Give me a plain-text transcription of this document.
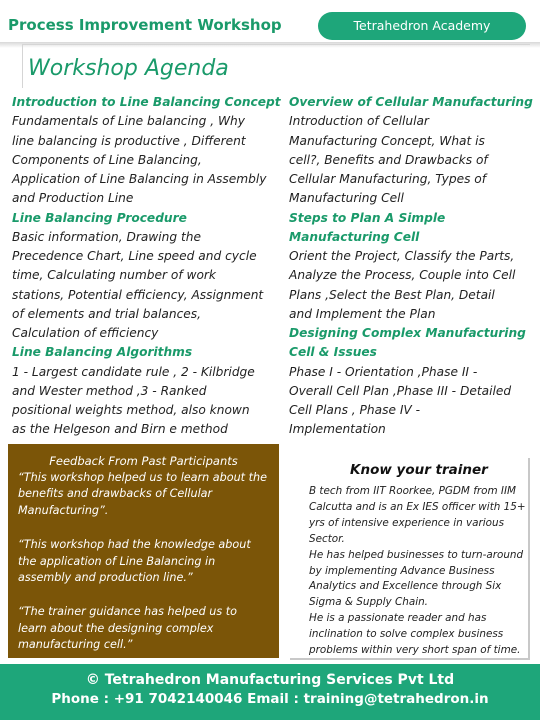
Process Improvement Workshop	Tetrahedron Academy
Workshop Agenda
Introduction to Line Balancing Concept
Fundamentals of Line balancing , Why
line balancing is productive , Different
Components of Line Balancing,
Application of Line Balancing in Assembly
and Production Line
Line Balancing Procedure
Basic information, Drawing the
Precedence Chart, Line speed and cycle
time, Calculating number of work
stations, Potential efficiency, Assignment
of elements and trial balances,
Calculation of efficiency
Line Balancing Algorithms
1 - Largest candidate rule , 2 - Kilbridge
and Wester method ,3 - Ranked
positional weights method, also known
as the Helgeson and Birn e method
Overview of Cellular Manufacturing
Introduction of Cellular
Manufacturing Concept, What is
cell?, Benefits and Drawbacks of
Cellular Manufacturing, Types of
Manufacturing Cell
Steps to Plan A Simple
Manufacturing Cell
Orient the Project, Classify the Parts,
Analyze the Process, Couple into Cell
Plans ,Select the Best Plan, Detail
and Implement the Plan
Designing Complex Manufacturing
Cell & Issues
Phase I - Orientation ,Phase II -
Overall Cell Plan ,Phase III - Detailed
Cell Plans , Phase IV -
Implementation
Feedback From Past Participants
“This workshop helped us to learn about the benefits and drawbacks of Cellular Manufacturing”.
“This workshop had the knowledge about the application of Line Balancing in assembly and production line.”
“The trainer guidance has helped us to learn about the designing complex manufacturing cell.”
Know your trainer
B tech from IIT Roorkee, PGDM from IIM
Calcutta and is an Ex IES officer with 15+
yrs of intensive experience in various
Sector.
He has helped businesses to turn-around
by implementing Advance Business
Analytics and Excellence through Six
Sigma & Supply Chain.
He is a passionate reader and has
inclination to solve complex business
problems within very short span of time.
© Tetrahedron Manufacturing Services Pvt Ltd
Phone : +91 7042140046 Email : training@tetrahedron.in
